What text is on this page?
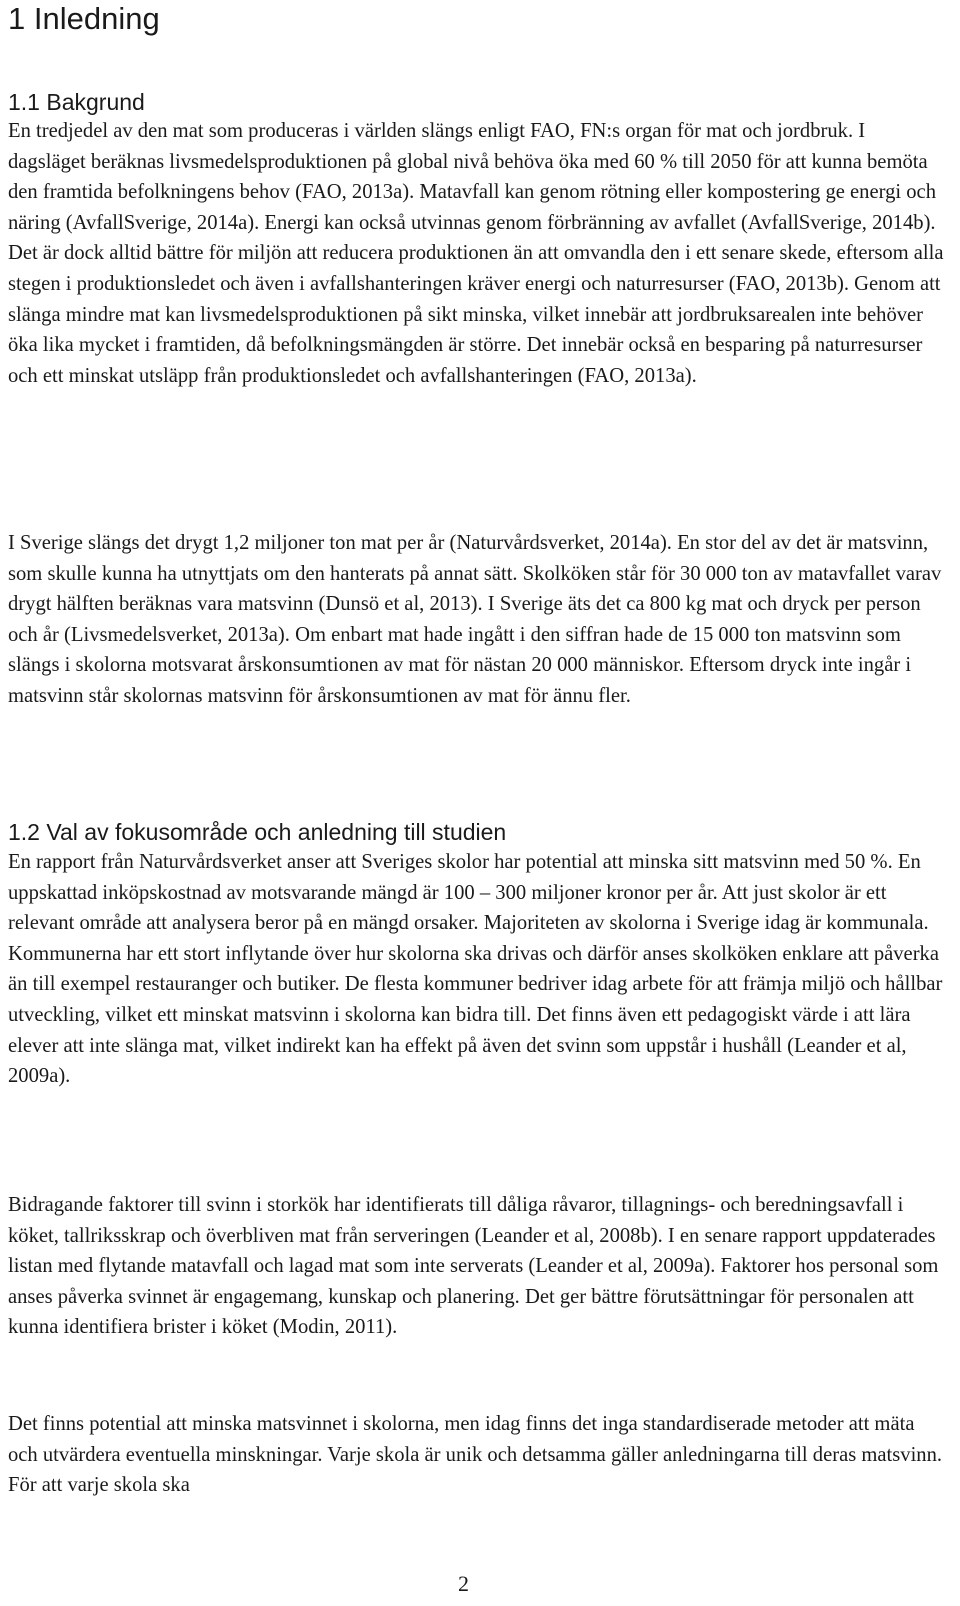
1 Inledning
1.1 Bakgrund

En tredjedel av den mat som produceras i världen slängs enligt FAO, FN:s organ för mat och jordbruk. I dagsläget beräknas livsmedelsproduktionen på global nivå behöva öka med 60 % till 2050 för att kunna bemöta den framtida befolkningens behov (FAO, 2013a). Matavfall kan genom rötning eller kompostering ge energi och näring (AvfallSverige, 2014a). Energi kan också utvinnas genom förbränning av avfallet (AvfallSverige, 2014b). Det är dock alltid bättre för miljön att reducera produktionen än att omvandla den i ett senare skede, eftersom alla stegen i produktionsledet och även i avfallshanteringen kräver energi och naturresurser (FAO, 2013b). Genom att slänga mindre mat kan livsmedelsproduktionen på sikt minska, vilket innebär att jordbruksarealen inte behöver öka lika mycket i framtiden, då befolkningsmängden är större. Det innebär också en besparing på naturresurser och ett minskat utsläpp från produktionsledet och avfallshanteringen (FAO, 2013a).

I Sverige slängs det drygt 1,2 miljoner ton mat per år (Naturvårdsverket, 2014a). En stor del av det är matsvinn, som skulle kunna ha utnyttjats om den hanterats på annat sätt. Skolköken står för 30 000 ton av matavfallet varav drygt hälften beräknas vara matsvinn (Dunsö et al, 2013). I Sverige äts det ca 800 kg mat och dryck per person och år (Livsmedelsverket, 2013a). Om enbart mat hade ingått i den siffran hade de 15 000 ton matsvinn som slängs i skolorna motsvarat årskonsumtionen av mat för nästan 20 000 människor. Eftersom dryck inte ingår i matsvinn står skolornas matsvinn för årskonsumtionen av mat för ännu fler.

1.2 Val av fokusområde och anledning till studien

En rapport från Naturvårdsverket anser att Sveriges skolor har potential att minska sitt matsvinn med 50 %. En uppskattad inköpskostnad av motsvarande mängd är 100 – 300 miljoner kronor per år. Att just skolor är ett relevant område att analysera beror på en mängd orsaker. Majoriteten av skolorna i Sverige idag är kommunala. Kommunerna har ett stort inflytande över hur skolorna ska drivas och därför anses skolköken enklare att påverka än till exempel restauranger och butiker. De flesta kommuner bedriver idag arbete för att främja miljö och hållbar utveckling, vilket ett minskat matsvinn i skolorna kan bidra till. Det finns även ett pedagogiskt värde i att lära elever att inte slänga mat, vilket indirekt kan ha effekt på även det svinn som uppstår i hushåll (Leander et al, 2009a).

Bidragande faktorer till svinn i storkök har identifierats till dåliga råvaror, tillagnings- och beredningsavfall i köket, tallriksskrap och överbliven mat från serveringen (Leander et al, 2008b). I en senare rapport uppdaterades listan med flytande matavfall och lagad mat som inte serverats (Leander et al, 2009a). Faktorer hos personal som anses påverka svinnet är engagemang, kunskap och planering. Det ger bättre förutsättningar för personalen att kunna identifiera brister i köket (Modin, 2011).

Det finns potential att minska matsvinnet i skolorna, men idag finns det inga standardiserade metoder att mäta och utvärdera eventuella minskningar. Varje skola är unik och detsamma gäller anledningarna till deras matsvinn. För att varje skola ska

2
